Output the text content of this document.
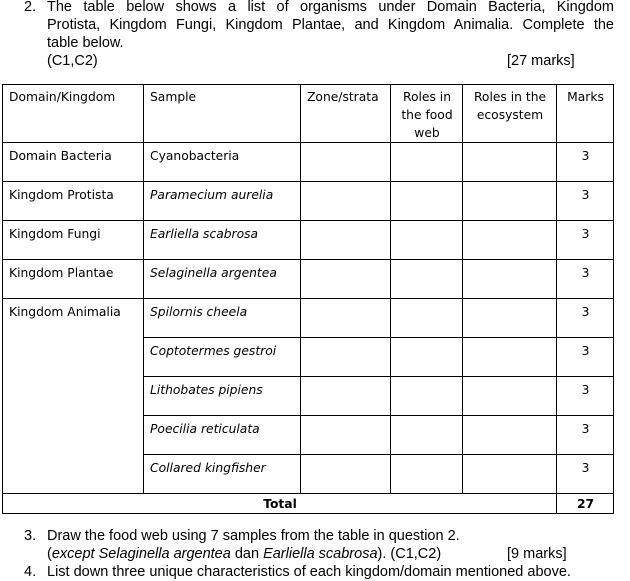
2. The table below shows a list of organisms under Domain Bacteria, Kingdom
Protista, Kingdom Fungi, Kingdom Plantae, and Kingdom Animalia. Complete the
table below.
(C1,C2)	[27 marks]
Domain/Kingdom	Sample	Zone/strata	Roles in the food web	Roles in the ecosystem	Marks
Domain Bacteria	Cyanobacteria				3
Kingdom Protista	Paramecium aurelia				3
Kingdom Fungi	Earliella scabrosa				3
Kingdom Plantae	Selaginella argentea				3
Kingdom Animalia	Spilornis cheela				3
	Coptotermes gestroi				3
	Lithobates pipiens				3
	Poecilia reticulata				3
	Collared kingfisher				3
Total					27
3. Draw the food web using 7 samples from the table in question 2.
(except Selaginella argentea dan Earliella scabrosa). (C1,C2)	[9 marks]
4. List down three unique characteristics of each kingdom/domain mentioned above.
